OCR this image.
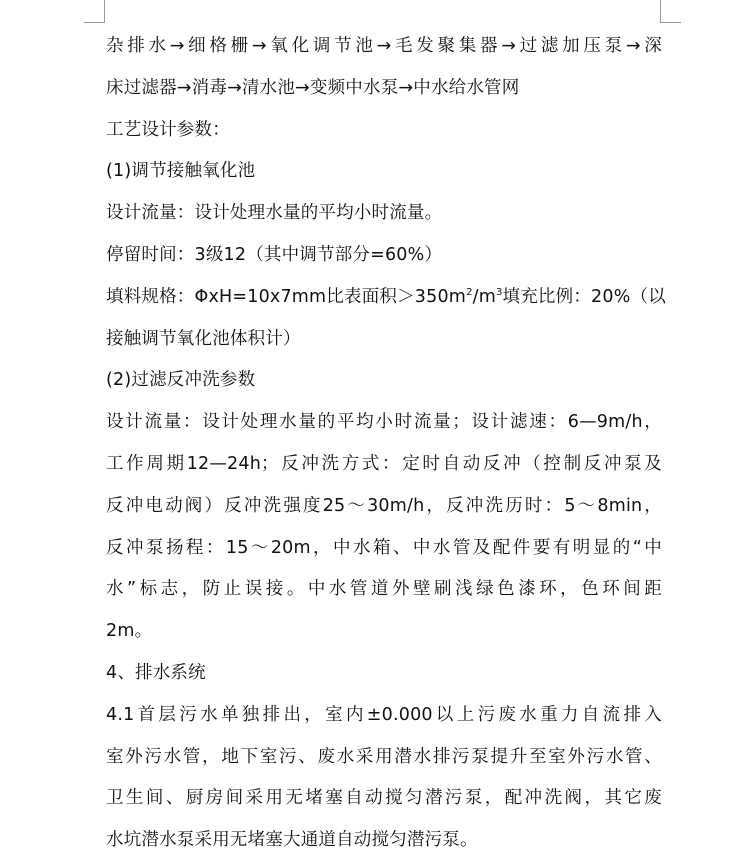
杂排水→细格栅→氧化调节池→毛发聚集器→过滤加压泵→深
床过滤器→消毒→清水池→变频中水泵→中水给水管网
工艺设计参数：
(1)调节接触氧化池
设计流量：设计处理水量的平均小时流量。
停留时间：3级12（其中调节部分=60%）
填料规格：ΦxH=10x7mm比表面积$>350m^2/m^3$填充比例：20%（以
接触调节氧化池体积计）
(2)过滤反冲洗参数
设计流量：设计处理水量的平均小时流量；设计滤速：6—9m/h，
工作周期12—24h；反冲洗方式：定时自动反冲（控制反冲泵及
反冲电动阀）反冲洗强度25～30m/h，反冲洗历时：5～8min，
反冲泵扬程：15～20m，中水箱、中水管及配件要有明显的“中
水”标志，防止误接。中水管道外壁刷浅绿色漆环，色环间距
2m。
4、排水系统
4.1首层污水单独排出，室内±0.000以上污废水重力自流排入
室外污水管，地下室污、废水采用潜水排污泵提升至室外污水管、
卫生间、厨房间采用无堵塞自动搅匀潜污泵，配冲洗阀，其它废
水坑潜水泵采用无堵塞大通道自动搅匀潜污泵。
